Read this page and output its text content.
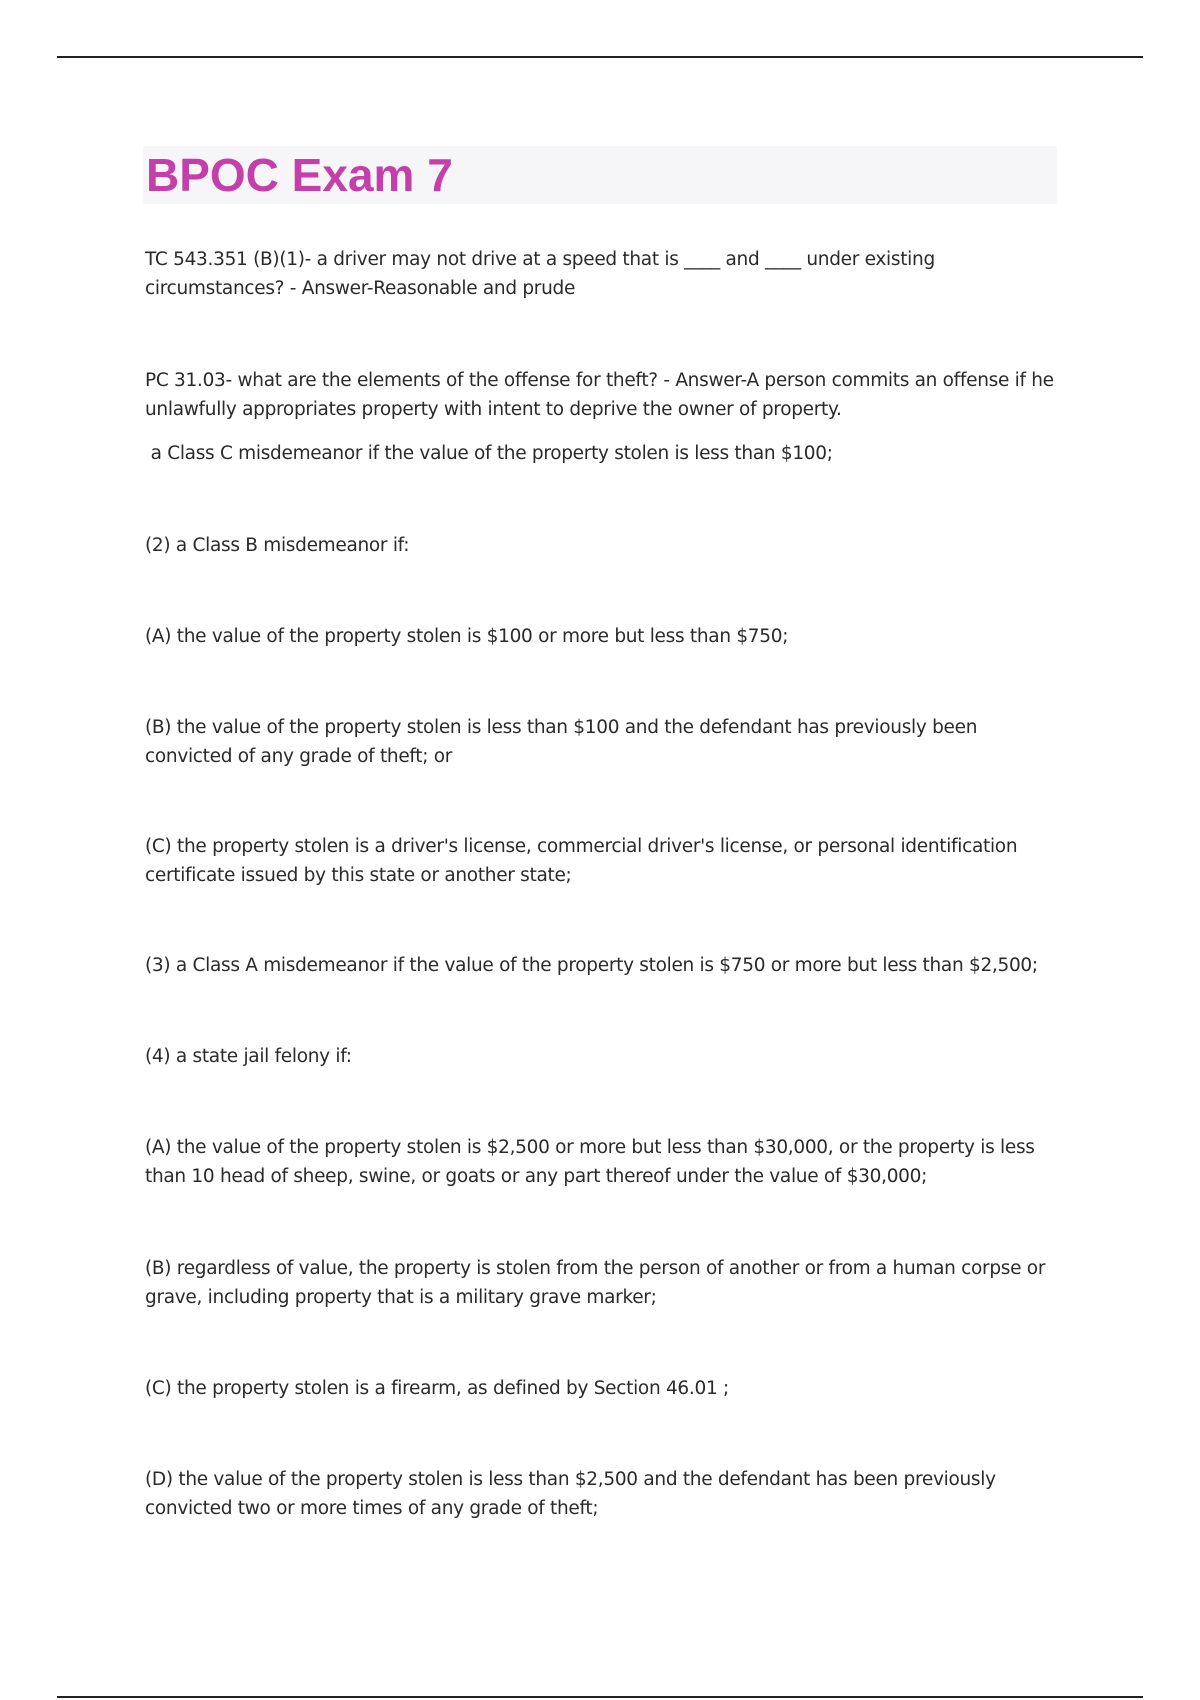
BPOC Exam 7

TC 543.351 (B)(1)- a driver may not drive at a speed that is ____ and ____ under existing circumstances? - Answer-Reasonable and prude

PC 31.03- what are the elements of the offense for theft? - Answer-A person commits an offense if he unlawfully appropriates property with intent to deprive the owner of property.

a Class C misdemeanor if the value of the property stolen is less than $100;

(2) a Class B misdemeanor if:

(A) the value of the property stolen is $100 or more but less than $750;

(B) the value of the property stolen is less than $100 and the defendant has previously been convicted of any grade of theft; or

(C) the property stolen is a driver's license, commercial driver's license, or personal identification certificate issued by this state or another state;

(3) a Class A misdemeanor if the value of the property stolen is $750 or more but less than $2,500;

(4) a state jail felony if:

(A) the value of the property stolen is $2,500 or more but less than $30,000, or the property is less than 10 head of sheep, swine, or goats or any part thereof under the value of $30,000;

(B) regardless of value, the property is stolen from the person of another or from a human corpse or grave, including property that is a military grave marker;

(C) the property stolen is a firearm, as defined by Section 46.01 ;

(D) the value of the property stolen is less than $2,500 and the defendant has been previously convicted two or more times of any grade of theft;
